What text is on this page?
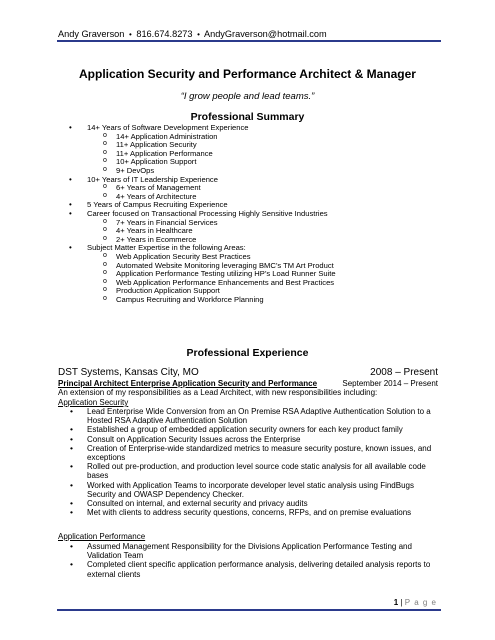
Andy Graverson • 816.674.8273 • AndyGraverson@hotmail.com
Application Security and Performance Architect & Manager
“I grow people and lead teams.”
Professional Summary
• 14+ Years of Software Development Experience
o 14+ Application Administration
o 11+ Application Security
o 11+ Application Performance
o 10+ Application Support
o 9+ DevOps
• 10+ Years of IT Leadership Experience
o 6+ Years of Management
o 4+ Years of Architecture
• 5 Years of Campus Recruiting Experience
• Career focused on Transactional Processing Highly Sensitive Industries
o 7+ Years in Financial Services
o 4+ Years in Healthcare
o 2+ Years in Ecommerce
• Subject Matter Expertise in the following Areas:
o Web Application Security Best Practices
o Automated Website Monitoring leveraging BMC’s TM Art Product
o Application Performance Testing utilizing HP’s Load Runner Suite
o Web Application Performance Enhancements and Best Practices
o Production Application Support
o Campus Recruiting and Workforce Planning
Professional Experience
DST Systems, Kansas City, MO	2008 – Present
Principal Architect Enterprise Application Security and Performance	September 2014 – Present
An extension of my responsibilities as a Lead Architect, with new responsibilities including:
Application Security
• Lead Enterprise Wide Conversion from an On Premise RSA Adaptive Authentication Solution to a Hosted RSA Adaptive Authentication Solution
• Established a group of embedded application security owners for each key product family
• Consult on Application Security Issues across the Enterprise
• Creation of Enterprise-wide standardized metrics to measure security posture, known issues, and exceptions
• Rolled out pre-production, and production level source code static analysis for all available code bases
• Worked with Application Teams to incorporate developer level static analysis using FindBugs Security and OWASP Dependency Checker.
• Consulted on internal, and external security and privacy audits
• Met with clients to address security questions, concerns, RFPs, and on premise evaluations
Application Performance
• Assumed Management Responsibility for the Divisions Application Performance Testing and Validation Team
• Completed client specific application performance analysis, delivering detailed analysis reports to external clients
1 | P a g e
